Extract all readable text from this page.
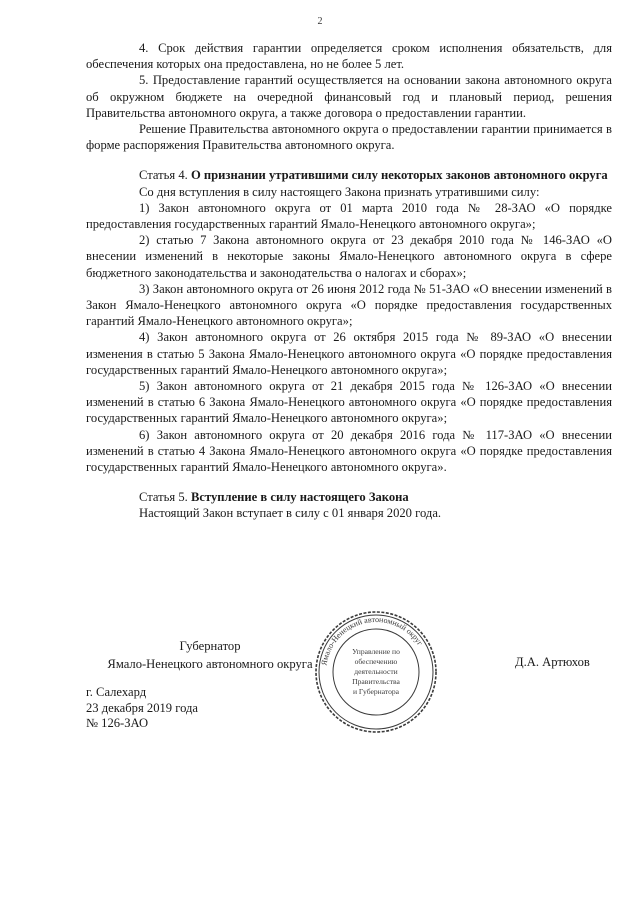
2

4. Срок действия гарантии определяется сроком исполнения обязательств, для обеспечения которых она предоставлена, но не более 5 лет.

5. Предоставление гарантий осуществляется на основании закона автономного округа об окружном бюджете на очередной финансовый год и плановый период, решения Правительства автономного округа, а также договора о предоставлении гарантии.

Решение Правительства автономного округа о предоставлении гарантии принимается в форме распоряжения Правительства автономного округа.

Статья 4. О признании утратившими силу некоторых законов автономного округа

Со дня вступления в силу настоящего Закона признать утратившими силу:

1) Закон автономного округа от 01 марта 2010 года № 28-ЗАО «О порядке предоставления государственных гарантий Ямало-Ненецкого автономного округа»;

2) статью 7 Закона автономного округа от 23 декабря 2010 года № 146-ЗАО «О внесении изменений в некоторые законы Ямало-Ненецкого автономного округа в сфере бюджетного законодательства и законодательства о налогах и сборах»;

3) Закон автономного округа от 26 июня 2012 года № 51-ЗАО «О внесении изменений в Закон Ямало-Ненецкого автономного округа «О порядке предоставления государственных гарантий Ямало-Ненецкого автономного округа»;

4) Закон автономного округа от 26 октября 2015 года № 89-ЗАО «О внесении изменения в статью 5 Закона Ямало-Ненецкого автономного округа «О порядке предоставления государственных гарантий Ямало-Ненецкого автономного округа»;

5) Закон автономного округа от 21 декабря 2015 года № 126-ЗАО «О внесении изменений в статью 6 Закона Ямало-Ненецкого автономного округа «О порядке предоставления государственных гарантий Ямало-Ненецкого автономного округа»;

6) Закон автономного округа от 20 декабря 2016 года № 117-ЗАО «О внесении изменений в статью 4 Закона Ямало-Ненецкого автономного округа «О порядке предоставления государственных гарантий Ямало-Ненецкого автономного округа».

Статья 5. Вступление в силу настоящего Закона

Настоящий Закон вступает в силу с 01 января 2020 года.

Губернатор
Ямало-Ненецкого автономного округа Ямало-Ненецкий автономный округ
Управление по
обеспечению
деятельности
Правительства
и Губернатора
Д.А. Артюхов
г. Салехард
23 декабря 2019 года
№ 126-ЗАО
